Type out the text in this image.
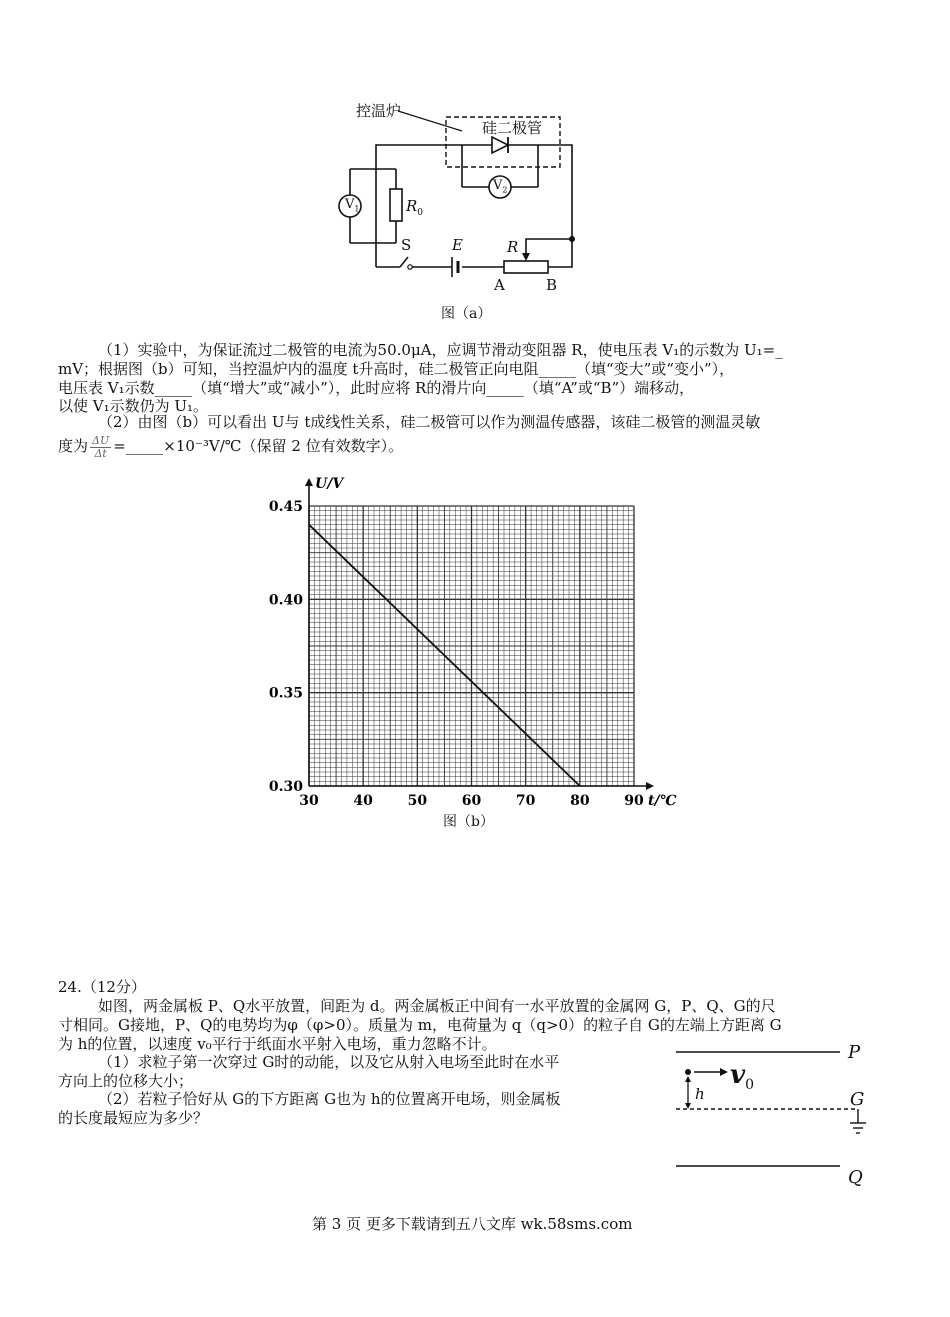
控温炉
硅二极管
$V_1$
$V_2$
$R_0$
S	E	R
A	B
图（a）
（1）实验中，为保证流过二极管的电流为50.0μA，应调节滑动变阻器 R，使电压表 V₁的示数为 U₁=_
mV；根据图（b）可知，当控温炉内的温度 t升高时，硅二极管正向电阻_____（填“变大”或“变小”），
电压表 V₁示数_____（填“增大”或“减小”），此时应将 R的滑片向_____（填“A”或“B”）端移动，
以使 V₁示数仍为 U₁。
（2）由图（b）可以看出 U与 t成线性关系，硅二极管可以作为测温传感器，该硅二极管的测温灵敏
度为 $\frac{\Delta U}{\Delta t}$ =_____×10⁻³V/℃（保留 2 位有效数字）。
30 40 50 60 70 80 90
0.30
0.35
0.40
0.45
t/℃
U/V
图（b）
24.（12分）
如图，两金属板 P、Q水平放置，间距为 d。两金属板正中间有一水平放置的金属网 G，P、Q、G的尺
寸相同。G接地，P、Q的电势均为φ（φ>0）。质量为 m，电荷量为 q（q>0）的粒子自 G的左端上方距离 G
为 h的位置，以速度 v₀平行于纸面水平射入电场，重力忽略不计。
（1）求粒子第一次穿过 G时的动能，以及它从射入电场至此时在水平
方向上的位移大小；
（2）若粒子恰好从 G的下方距离 G也为 h的位置离开电场，则金属板
的长度最短应为多少？
P
G
Q
$v_0$
h
第 3 页 更多下载请到五八文库 wk.58sms.com
